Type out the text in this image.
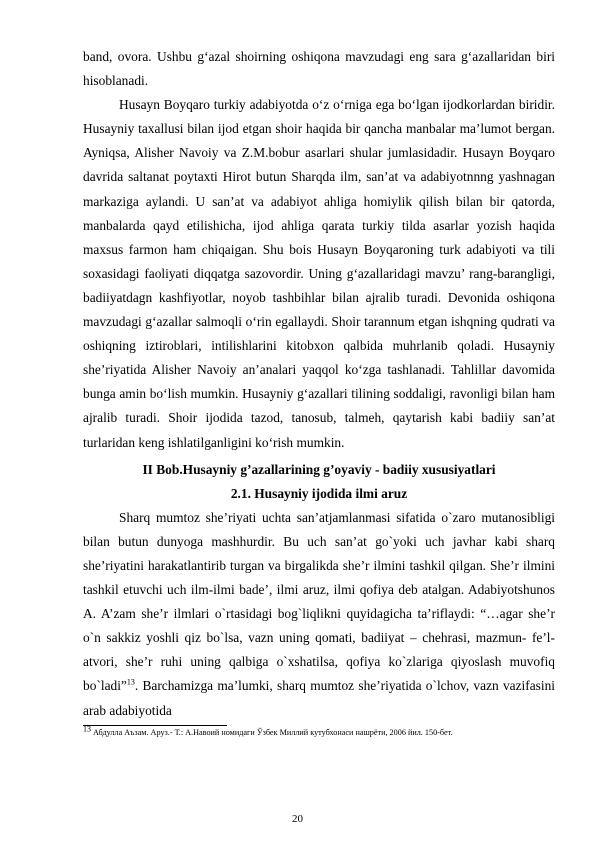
band, ovora. Ushbu g‘azal shoirning oshiqona mavzudagi eng sara g‘azallaridan biri hisoblanadi.

Husayn Boyqaro turkiy adabiyotda o‘z o‘rniga ega bo‘lgan ijodkorlardan biridir. Husayniy taxallusi bilan ijod etgan shoir haqida bir qancha manbalar ma’lumot bergan. Ayniqsa, Alisher Navoiy va Z.M.bobur asarlari shular jumlasidadir. Husayn Boyqaro davrida saltanat poytaxti Hirot butun Sharqda ilm, san’at va adabiyotnnng yashnagan markaziga aylandi. U san’at va adabiyot ahliga homiylik qilish bilan bir qatorda, manbalarda qayd etilishicha, ijod ahliga qarata turkiy tilda asarlar yozish haqida maxsus farmon ham chiqaigan. Shu bois Husayn Boyqaroning turk adabiyoti va tili soxasidagi faoliyati diqqatga sazovordir. Uning g‘azallaridagi mavzu’ rang-barangligi, badiiyatdagn kashfiyotlar, noyob tashbihlar bilan ajralib turadi. Devonida oshiqona mavzudagi g‘azallar salmoqli o‘rin egallaydi. Shoir tarannum etgan ishqning qudrati va oshiqning iztiroblari, intilishlarini kitobxon qalbida muhrlanib qoladi. Husayniy she’riyatida Alisher Navoiy an’analari yaqqol ko‘zga tashlanadi. Tahlillar davomida bunga amin bo‘lish mumkin. Husayniy g‘azallari tilining soddaligi, ravonligi bilan ham ajralib turadi. Shoir ijodida tazod, tanosub, talmeh, qaytarish kabi badiiy san’at turlaridan keng ishlatilganligini ko‘rish mumkin.

II Bob.Husayniy g’azallarining g’oyaviy - badiiy xususiyatlari

2.1. Husayniy ijodida ilmi aruz

Sharq mumtoz she’riyati uchta san’atjamlanmasi sifatida o`zaro mutanosibligi bilan butun dunyoga mashhurdir. Bu uch san’at go`yoki uch javhar kabi sharq she’riyatini harakatlantirib turgan va birgalikda she’r ilmini tashkil qilgan. She’r ilmini tashkil etuvchi uch ilm-ilmi bade’, ilmi aruz, ilmi qofiya deb atalgan. Adabiyotshunos A. A’zam she’r ilmlari o`rtasidagi bog`liqlikni quyidagicha ta’riflaydi: “…agar she’r o`n sakkiz yoshli qiz bo`lsa, vazn uning qomati, badiiyat – chehrasi, mazmun- fe’l-atvori, she’r ruhi uning qalbiga o`xshatilsa, qofiya ko`zlariga qiyoslash muvofiq bo`ladi”$^{13}$. Barchamizga ma’lumki, sharq mumtoz she’riyatida o`lchov, vazn vazifasini arab adabiyotida

$^{13}$ Абдулла Аъзам. Аруз.- Т.: А.Навоий номидаги Ўзбек Миллий кутубхонаси нашрёти, 2006 йил. 150-бет.

20
